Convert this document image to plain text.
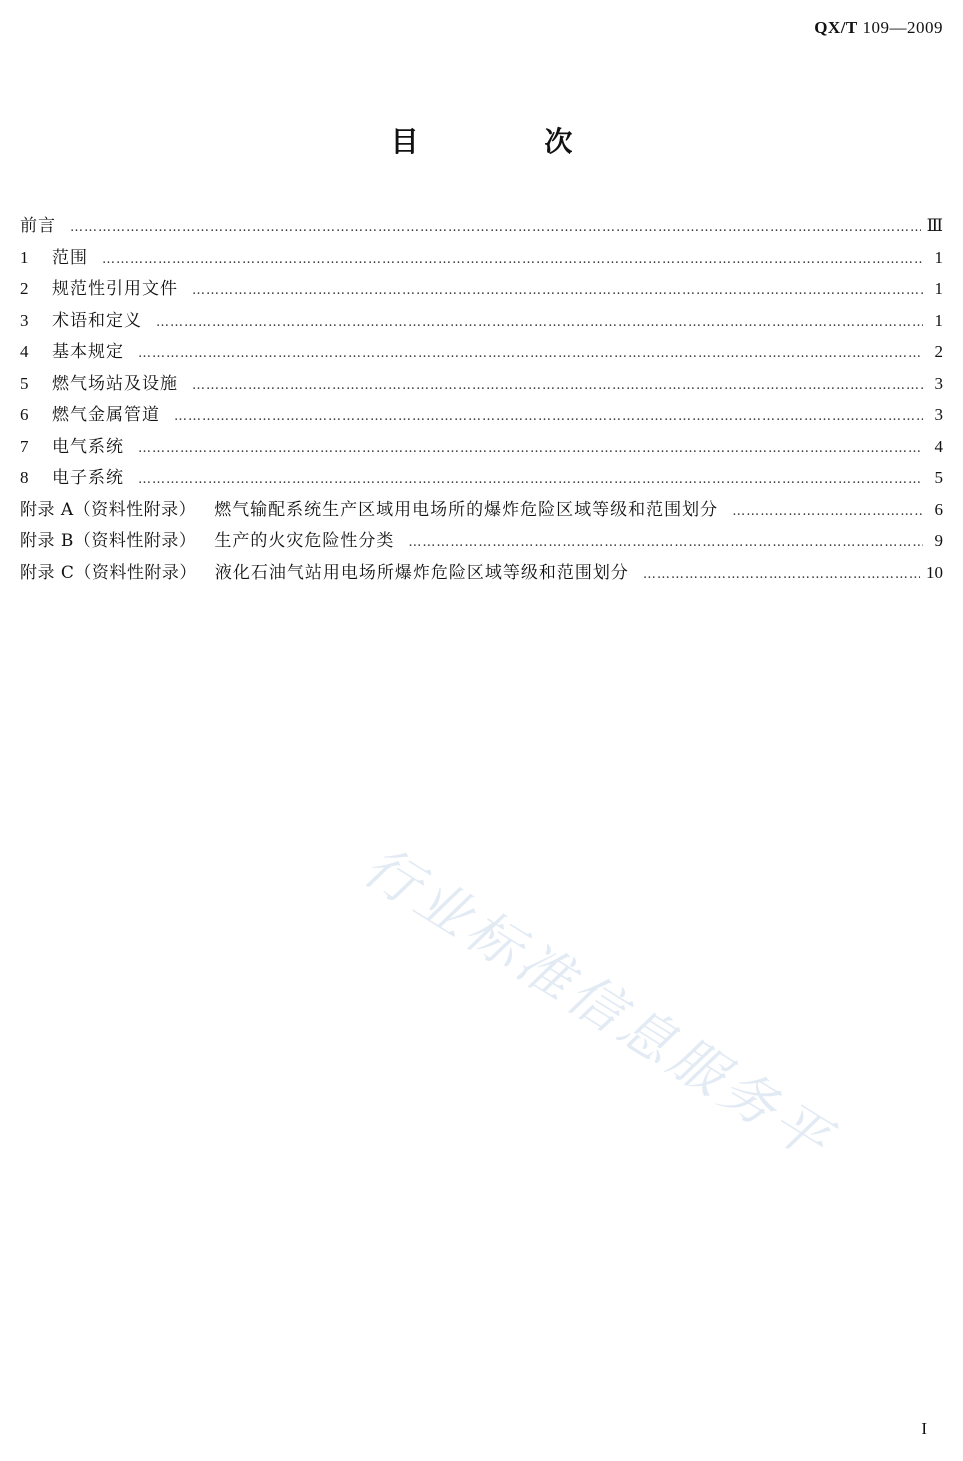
QX/T 109—2009
目 次
前言 …………………………………………………………………………………………………………………………………………………………………………	Ⅲ
1	范围 …………………………………………………………………………………………………………………………………………………………………………	1
2	规范性引用文件 …………………………………………………………………………………………………………………………………………………………………………	1
3	术语和定义 …………………………………………………………………………………………………………………………………………………………………………	1
4	基本规定 …………………………………………………………………………………………………………………………………………………………………………	2
5	燃气场站及设施 …………………………………………………………………………………………………………………………………………………………………………	3
6	燃气金属管道 …………………………………………………………………………………………………………………………………………………………………………	3
7	电气系统 …………………………………………………………………………………………………………………………………………………………………………	4
8	电子系统 …………………………………………………………………………………………………………………………………………………………………………	5
附录 A（资料性附录） 燃气输配系统生产区域用电场所的爆炸危险区域等级和范围划分 …………………………………………………………………………………………………………………………………………………………………………	6
附录 B（资料性附录） 生产的火灾危险性分类 …………………………………………………………………………………………………………………………………………………………………………	9
附录 C（资料性附录） 液化石油气站用电场所爆炸危险区域等级和范围划分 …………………………………………………………………………………………………………………………………………………………………………	10
行业标准信息服务平
I
